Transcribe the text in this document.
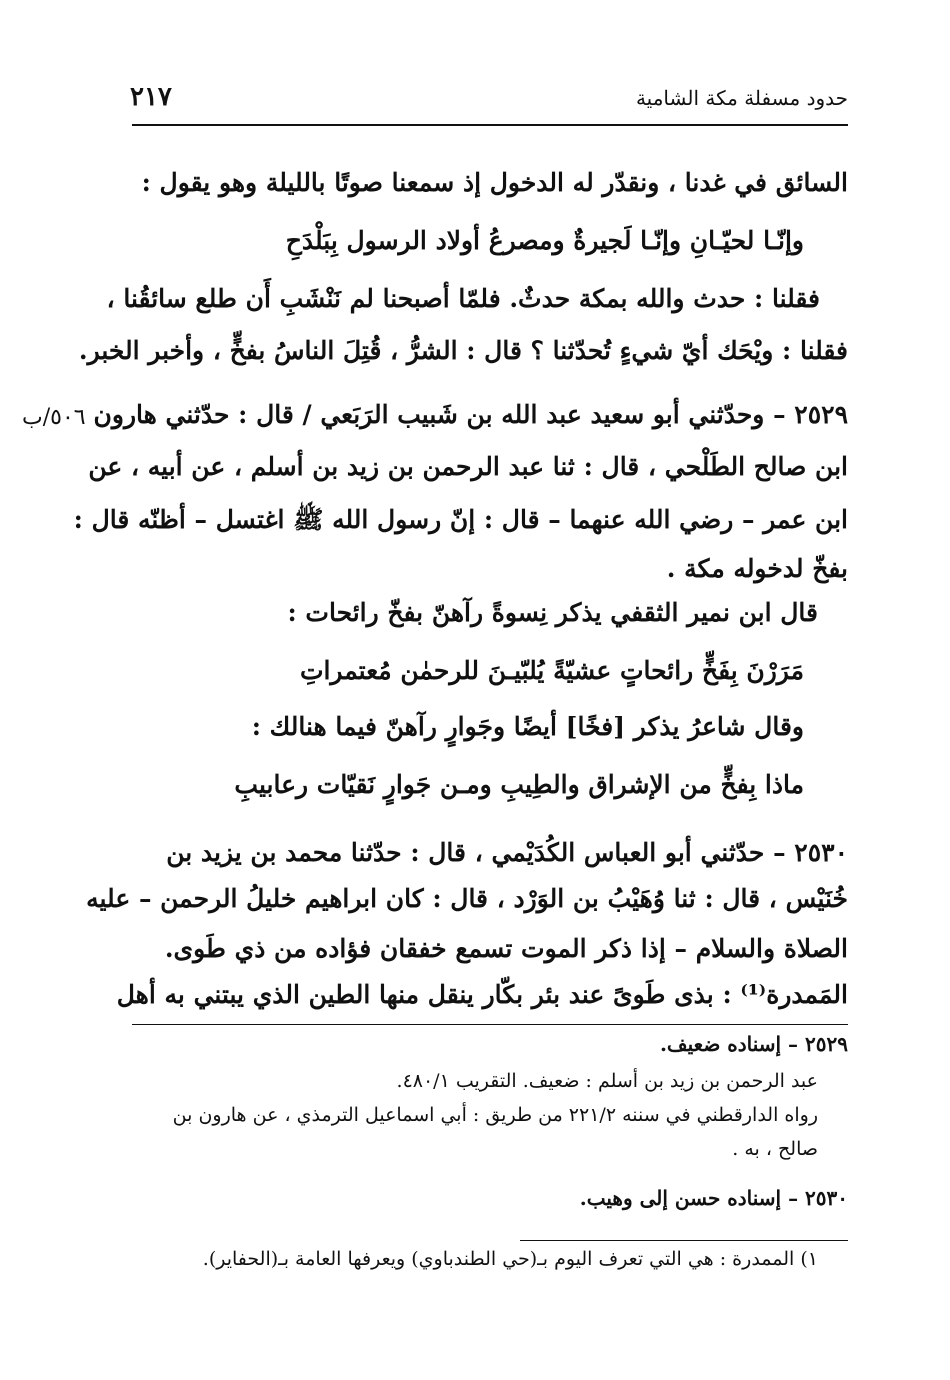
حدود مسفلة مكة الشامية
٢١٧
٥٠٦/ب
السائق في غدنا ، ونقدّر له الدخول إذ سمعنا صوتًا بالليلة وهو يقول :
وإنّـا لحيّـانِ وإنّـا لَجيرةٌ ومصرعُ أولاد الرسول بِبَلْدَحِ
فقلنا : حدث والله بمكة حدثٌ. فلمّا أصبحنا لم نَنْشَبِ أَن طلع سائقُنا ،
فقلنا : ويْحَك أيّ شيءٍ تُحدّثنا ؟ قال : الشرُّ ، قُتِلَ الناسُ بفخٍّ ، وأخبر الخبر.
٢٥٢٩ – وحدّثني أبو سعيد عبد الله بن شَبيب الرَبَعي / قال : حدّثني هارون
ابن صالح الطَلْحي ، قال : ثنا عبد الرحمن بن زيد بن أسلم ، عن أبيه ، عن
ابن عمر – رضي الله عنهما – قال : إنّ رسول الله ﷺ اغتسل – أظنّه قال :
بفخّ لدخوله مكة .
قال ابن نمير الثقفي يذكر نِسوةً رآهنّ بفخّ رائحات :
مَرَرْنَ بِفَخٍّ رائحاتٍ عشيّةً يُلبّيـنَ للرحمٰن مُعتمراتِ
وقال شاعرُ يذكر [فخًا] أيضًا وجَوارٍ رآهنّ فيما هنالك :
ماذا بِفخٍّ من الإشراق والطِيبِ ومـن جَوارٍ نَقيّات رعابيبِ
٢٥٣٠ – حدّثني أبو العباس الكُدَيْمي ، قال : حدّثنا محمد بن يزيد بن
خُنَيْس ، قال : ثنا وُهَيْبُ بن الوَرْد ، قال : كان ابراهيم خليلُ الرحمن – عليه
الصلاة والسلام – إذا ذكر الموت تسمع خفقان فؤاده من ذي طَوى.
المَمدرة⁽¹⁾ : بذى طَوىً عند بئر بكّار ينقل منها الطين الذي يبتني به أهل
٢٥٢٩ – إسناده ضعيف.
عبد الرحمن بن زيد بن أسلم : ضعيف. التقريب ٤٨٠/١.
رواه الدارقطني في سننه ٢٢١/٢ من طريق : أبي اسماعيل الترمذي ، عن هارون بن
صالح ، به .
٢٥٣٠ – إسناده حسن إلى وهيب.
١) الممدرة : هي التي تعرف اليوم بـ(حي الطندباوي) ويعرفها العامة بـ(الحفاير).
